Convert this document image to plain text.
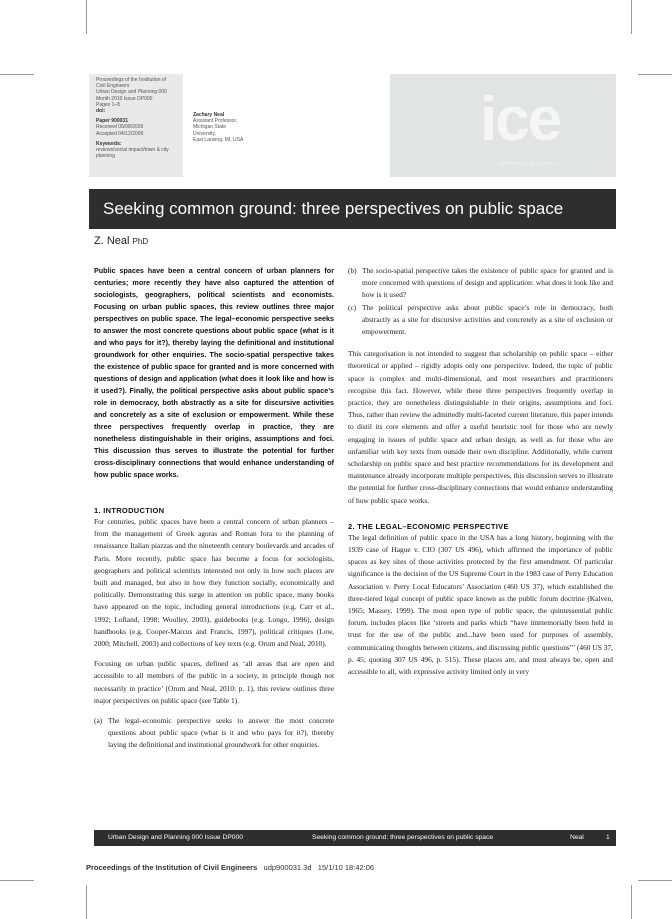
Proceedings of the Institution of
Civil Engineers
Urban Design and Planning 000
Month 2010 Issue DP000
Pages 1–8
doi:
Paper 900031
Received 05/08/2009
Accepted 04/12/2009
Keywords:
reviews/social impact/town & city
planning
Zachary Neal
Assistant Professor,
Michigan State
University,
East Lansing, MI, USA	ice
institution of civil engineers
Seeking common ground: three perspectives on public space
Z. Neal PhD

Public spaces have been a central concern of urban planners for centuries; more recently they have also captured the attention of sociologists, geographers, political scientists and economists. Focusing on urban public spaces, this review outlines three major perspectives on public space. The legal–economic perspective seeks to answer the most concrete questions about public space (what is it and who pays for it?), thereby laying the definitional and institutional groundwork for other enquiries. The socio-spatial perspective takes the existence of public space for granted and is more concerned with questions of design and application (what does it look like and how is it used?). Finally, the political perspective asks about public space’s role in democracy, both abstractly as a site for discursive activities and concretely as a site of exclusion or empowerment. While these three perspectives frequently overlap in practice, they are nonetheless distinguishable in their origins, assumptions and foci. This discussion thus serves to illustrate the potential for further cross-disciplinary connections that would enhance understanding of how public space works.

1. INTRODUCTION

For centuries, public spaces have been a central concern of urban planners – from the management of Greek agoras and Roman fora to the planning of renaissance Italian piazzas and the nineteenth century boulevards and arcades of Paris. More recently, public space has become a focus for sociologists, geographers and political scientists interested not only in how such places are built and managed, but also in how they function socially, economically and politically. Demonstrating this surge in attention on public space, many books have appeared on the topic, including general introductions (e.g. Carr et al., 1992; Lofland, 1998; Woolley, 2003), guidebooks (e.g. Longo, 1996), design handbooks (e.g. Cooper-Marcus and Francis, 1997), political critiques (Low, 2000; Mitchell, 2003) and collections of key texts (e.g. Orum and Neal, 2010).

Focusing on urban public spaces, defined as ‘all areas that are open and accessible to all members of the public in a society, in principle though not necessarily in practice’ (Orum and Neal, 2010: p. 1), this review outlines three major perspectives on public space (see Table 1).

(a) The legal–economic perspective seeks to answer the most concrete questions about public space (what is it and who pays for it?), thereby laying the definitional and institutional groundwork for other enquiries.
(b) The socio-spatial perspective takes the existence of public space for granted and is more concerned with questions of design and application: what does it look like and how is it used?
(c) The political perspective asks about public space’s role in democracy, both abstractly as a site for discursive activities and concretely as a site of exclusion or empowerment.

This categorisation is not intended to suggest that scholarship on public space – either theoretical or applied – rigidly adopts only one perspective. Indeed, the topic of public space is complex and multi-dimensional, and most researchers and practitioners recognise this fact. However, while these three perspectives frequently overlap in practice, they are nonetheless distinguishable in their origins, assumptions and foci. Thus, rather than review the admittedly multi-faceted current literature, this paper intends to distil its core elements and offer a useful heuristic tool for those who are newly engaging in issues of public space and urban design, as well as for those who are unfamiliar with key texts from outside their own discipline. Additionally, while current scholarship on public space and best practice recommendations for its development and maintenance already incorporate multiple perspectives, this discussion serves to illustrate the potential for further cross-disciplinary connections that would enhance understanding of how public space works.

2. THE LEGAL–ECONOMIC PERSPECTIVE

The legal definition of public space in the USA has a long history, beginning with the 1939 case of Hague v. CIO (307 US 496), which affirmed the importance of public spaces as key sites of those activities protected by the first amendment. Of particular significance is the decision of the US Supreme Court in the 1983 case of Perry Education Association v. Perry Local Educators’ Association (460 US 37), which established the three-tiered legal concept of public space known as the public forum doctrine (Kalven, 1965; Massey, 1999). The most open type of public space, the quintessential public forum, includes places like ‘streets and parks which “have immemorially been held in trust for the use of the public and...have been used for purposes of assembly, communicating thoughts between citizens, and discussing public questions”’ (460 US 37, p. 45; quoting 307 US 496, p. 515). These places are, and must always be, open and accessible to all, with expressive activity limited only in very

Urban Design and Planning 000 Issue DP000	Seeking common ground: three perspectives on public space	Neal	1
Proceedings of the Institution of Civil Engineers udp900031.3d 15/1/10 18:42:06
